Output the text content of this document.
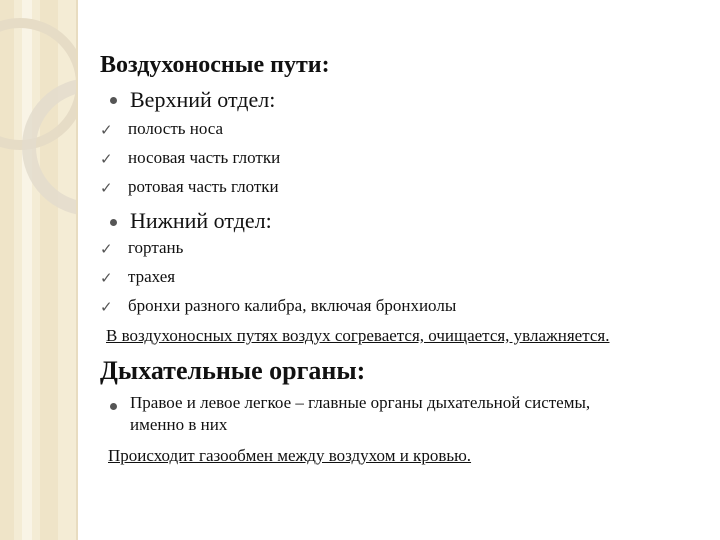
Воздухоносные пути:
Верхний отдел:
✓ полость носа
✓ носовая часть глотки
✓ ротовая часть глотки
Нижний отдел:
✓ гортань
✓ трахея
✓ бронхи разного калибра, включая бронхиолы
В воздухоносных путях воздух согревается, очищается, увлажняется.
Дыхательные органы:
Правое и левое легкое – главные органы дыхательной системы,
именно в них
Происходит газообмен между воздухом и кровью.
